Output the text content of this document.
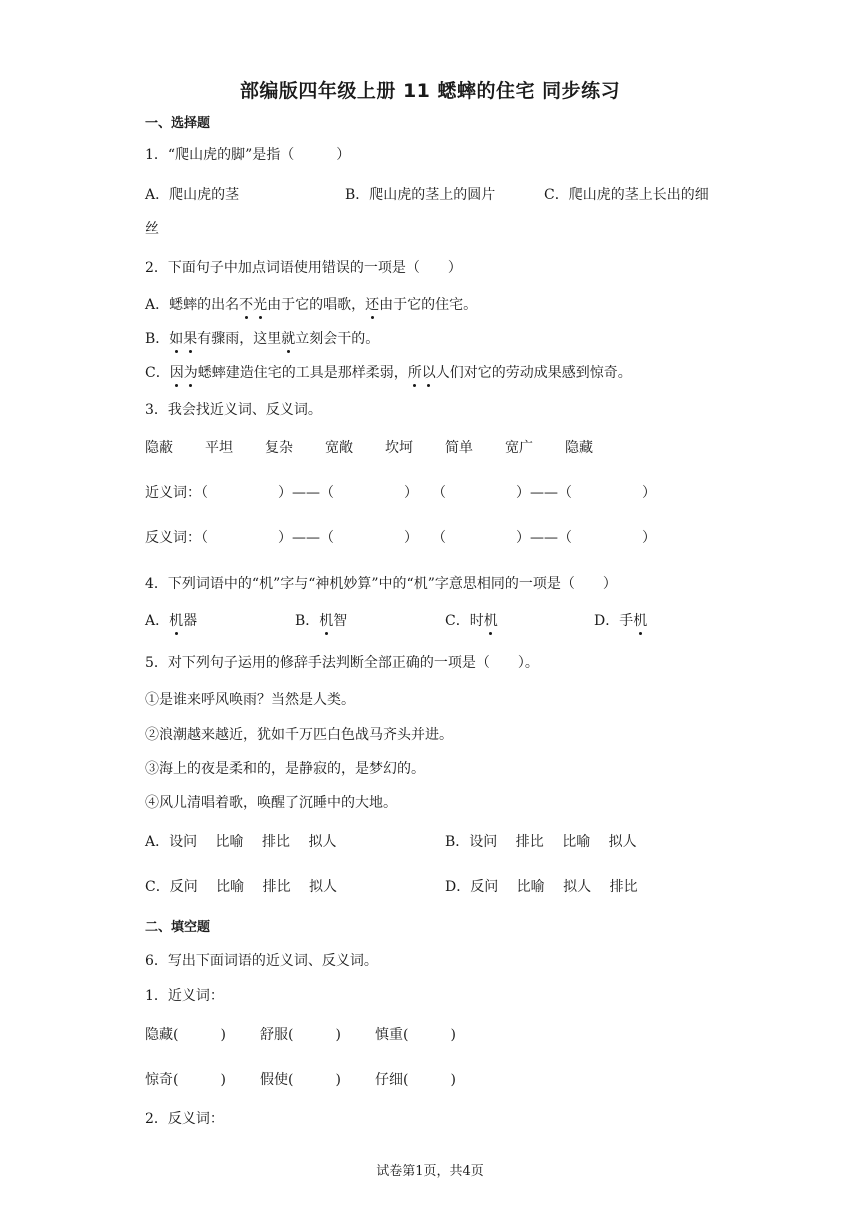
部编版四年级上册 11 蟋蟀的住宅 同步练习
一、选择题
1．“爬山虎的脚”是指（　　　）
A．爬山虎的茎	B．爬山虎的茎上的圆片	C．爬山虎的茎上长出的细
丝
2．下面句子中加点词语使用错误的一项是（　　）
A．蟋蟀的出名不光由于它的唱歌，还由于它的住宅。
B．如果有骤雨，这里就立刻会干的。
C．因为蟋蟀建造住宅的工具是那样柔弱，所以人们对它的劳动成果感到惊奇。
3．我会找近义词、反义词。
隐蔽 平坦 复杂 宽敞 坎坷 简单 宽广 隐藏
近义词：（　　　　　）——（　　　　　）　　（　　　　　）——（　　　　　）
反义词：（　　　　　）——（　　　　　）　　（　　　　　）——（　　　　　）
4．下列词语中的“机”字与“神机妙算”中的“机”字意思相同的一项是（　　）
A．机器	B．机智	C．时机	D．手机
5．对下列句子运用的修辞手法判断全部正确的一项是（　　）。
①是谁来呼风唤雨？当然是人类。
②浪潮越来越近，犹如千万匹白色战马齐头并进。
③海上的夜是柔和的，是静寂的，是梦幻的。
④风儿清唱着歌，唤醒了沉睡中的大地。
A．设问　 比喻　 排比　 拟人	B．设问　 排比　 比喻　 拟人
C．反问　 比喻　 排比　 拟人	D．反问　 比喻　 拟人　 排比
二、填空题
6．写出下面词语的近义词、反义词。
1．近义词：
隐藏(　　　) 舒服(　　　) 慎重(　　　)
惊奇(　　　) 假使(　　　) 仔细(　　　)
2．反义词：
试卷第1页，共4页
